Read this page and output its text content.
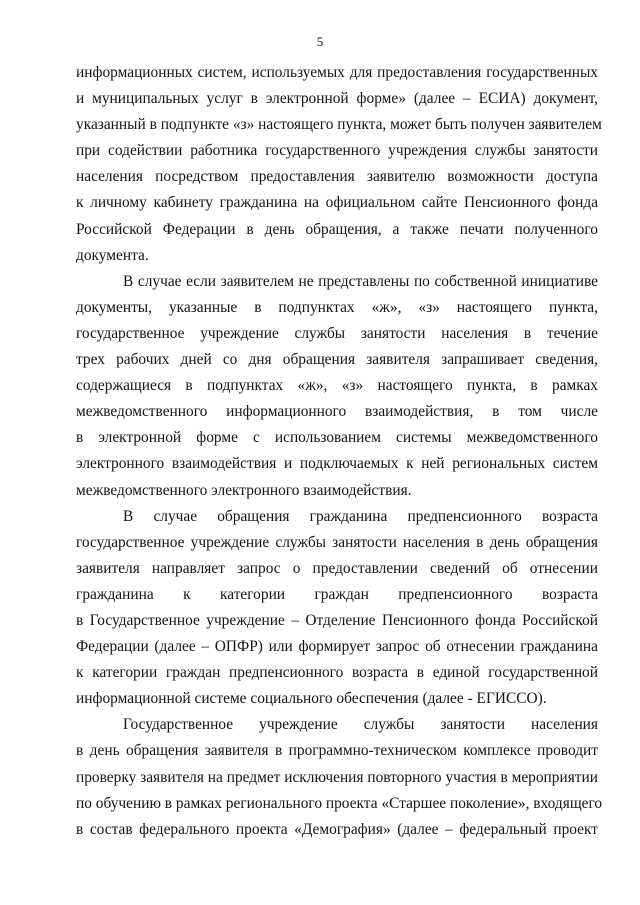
5
информационных систем, используемых для предоставления государственных
и муниципальных услуг в электронной форме» (далее – ЕСИА) документ,
указанный в подпункте «з» настоящего пункта, может быть получен заявителем
при содействии работника государственного учреждения службы занятости
населения посредством предоставления заявителю возможности доступа
к личному кабинету гражданина на официальном сайте Пенсионного фонда
Российской Федерации в день обращения, а также печати полученного
документа.
В случае если заявителем не представлены по собственной инициативе
документы, указанные в подпунктах «ж», «з» настоящего пункта,
государственное учреждение службы занятости населения в течение
трех рабочих дней со дня обращения заявителя запрашивает сведения,
содержащиеся в подпунктах «ж», «з» настоящего пункта, в рамках
межведомственного информационного взаимодействия, в том числе
в электронной форме с использованием системы межведомственного
электронного взаимодействия и подключаемых к ней региональных систем
межведомственного электронного взаимодействия.
В случае обращения гражданина предпенсионного возраста
государственное учреждение службы занятости населения в день обращения
заявителя направляет запрос о предоставлении сведений об отнесении
гражданина к категории граждан предпенсионного возраста
в Государственное учреждение – Отделение Пенсионного фонда Российской
Федерации (далее – ОПФР) или формирует запрос об отнесении гражданина
к категории граждан предпенсионного возраста в единой государственной
информационной системе социального обеспечения (далее - ЕГИССО).
Государственное учреждение службы занятости населения
в день обращения заявителя в программно-техническом комплексе проводит
проверку заявителя на предмет исключения повторного участия в мероприятии
по обучению в рамках регионального проекта «Старшее поколение», входящего
в состав федерального проекта «Демография» (далее – федеральный проект
